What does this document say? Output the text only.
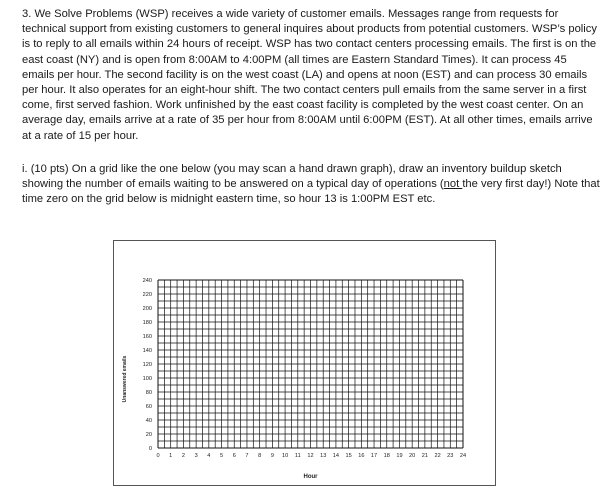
3. We Solve Problems (WSP) receives a wide variety of customer emails. Messages range from requests for technical support from existing customers to general inquires about products from potential customers. WSP’s policy is to reply to all emails within 24 hours of receipt. WSP has two contact centers processing emails. The first is on the east coast (NY) and is open from 8:00AM to 4:00PM (all times are Eastern Standard Times). It can process 45 emails per hour. The second facility is on the west coast (LA) and opens at noon (EST) and can process 30 emails per hour. It also operates for an eight-hour shift. The two contact centers pull emails from the same server in a first come, first served fashion. Work unfinished by the east coast facility is completed by the west coast center. On an average day, emails arrive at a rate of 35 per hour from 8:00AM until 6:00PM (EST). At all other times, emails arrive at a rate of 15 per hour.

i. (10 pts) On a grid like the one below (you may scan a hand drawn graph), draw an inventory buildup sketch showing the number of emails waiting to be answered on a typical day of operations (not the very first day!) Note that time zero on the grid below is midnight eastern time, so hour 13 is 1:00PM EST etc.

0 1 2 3 4 5 6 7 8 9 10 11 12 13 14 15 16 17 18 19 20 21 22 23 24
0
20
40
60
80
100
120
140
160
180
200
220
240
Hour
Unanswered emails
